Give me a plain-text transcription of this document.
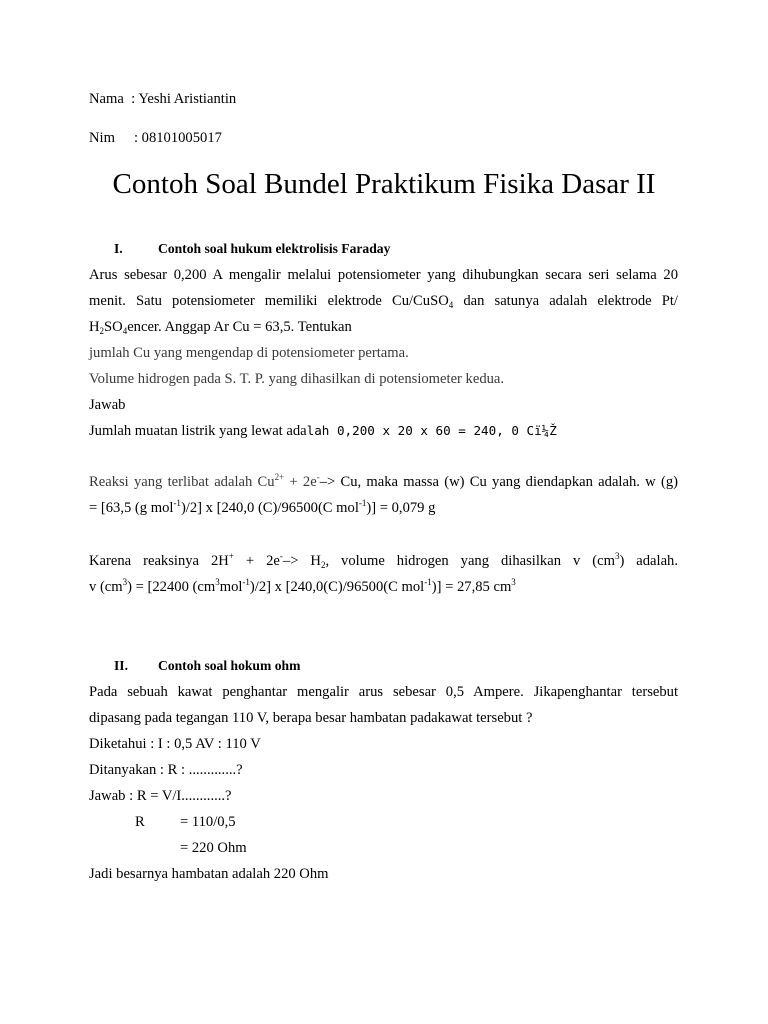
Nama : Yeshi Aristiantin
Nim : 08101005017
Contoh Soal Bundel Praktikum Fisika Dasar II
I.	Contoh soal hukum elektrolisis Faraday
Arus sebesar 0,200 A mengalir melalui potensiometer yang dihubungkan secara seri selama 20
menit. Satu potensiometer memiliki elektrode Cu/CuSO$_4$ dan satunya adalah elektrode Pt/
$H_2SO_4encer$. Anggap Ar Cu = 63,5. Tentukan
jumlah Cu yang mengendap di potensiometer pertama.
Volume hidrogen pada S. T. P. yang dihasilkan di potensiometer kedua.
Jawab
Jumlah muatan listrik yang lewat adalah 0,200 x 20 x 60 = 240, 0 Cï¼Ž
Reaksi yang terlibat adalah $Cu^{2+} + 2e^--> Cu$, maka massa (w) Cu yang diendapkan adalah. w (g)
= [63,5 (g mol$^{-1}$)/2] x [240,0 (C)/96500(C mol$^{-1}$)] = 0,079 g
Karena reaksinya $2H^+ + 2e^--> H_2$, volume hidrogen yang dihasilkan v $(cm^3)$ adalah.
v $(cm^3) = [22400$ $(cm^3mol^{-1})/2$] x [240,0(C)/96500(C mol$^{-1}$)] = 27,85 $cm^3$
II. Contoh soal hokum ohm
Pada sebuah kawat penghantar mengalir arus sebesar 0,5 Ampere. Jikapenghantar tersebut
dipasang pada tegangan 110 V, berapa besar hambatan padakawat tersebut ?
Diketahui : I : 0,5 AV : 110 V
Ditanyakan : R : .............?
Jawab : R = V/I............?
R = 110/0,5
= 220 Ohm
Jadi besarnya hambatan adalah 220 Ohm
